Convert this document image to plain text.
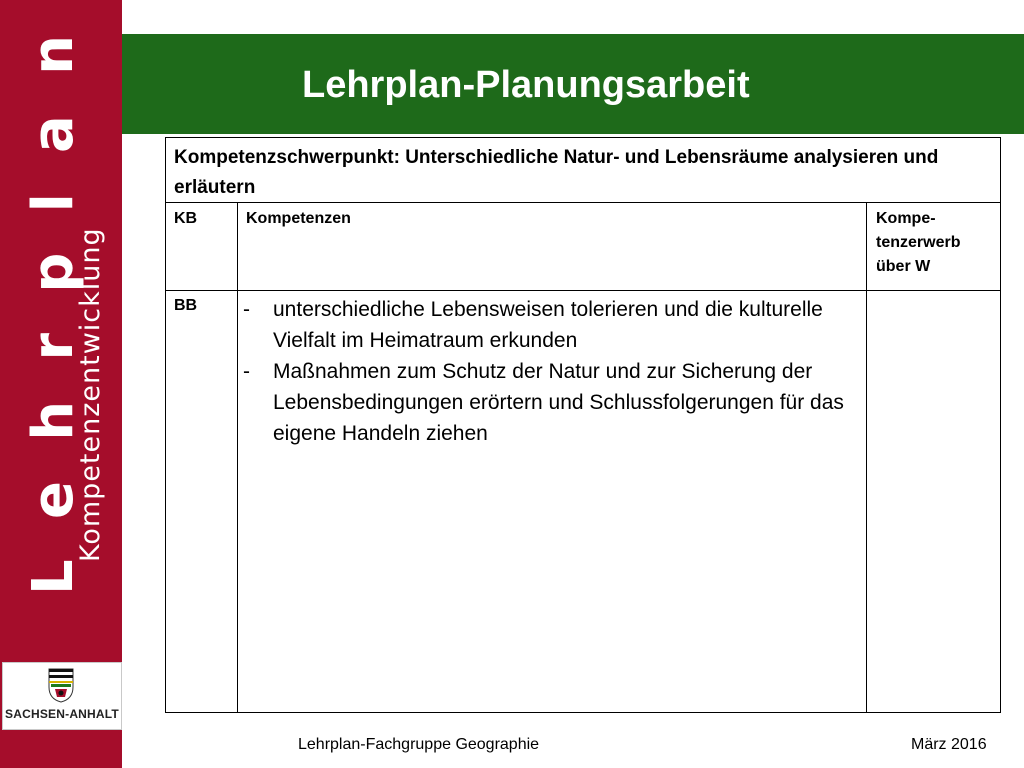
L
e
h
r
p
l
a
n
Kompetenzentwicklung
SACHSEN-ANHALT
Lehrplan-Planungsarbeit
Kompetenzschwerpunkt: Unterschiedliche Natur- und Lebensräume analysieren und erläutern
KB	Kompetenzen	Kompe-tenzerwerb über W
BB - unterschiedliche Lebensweisen tolerieren und die kulturelle Vielfalt im Heimatraum erkunden
- Maßnahmen zum Schutz der Natur und zur Sicherung der Lebensbedingungen erörtern und Schlussfolgerungen für das eigene Handeln ziehen
Lehrplan-Fachgruppe Geographie	März 2016
